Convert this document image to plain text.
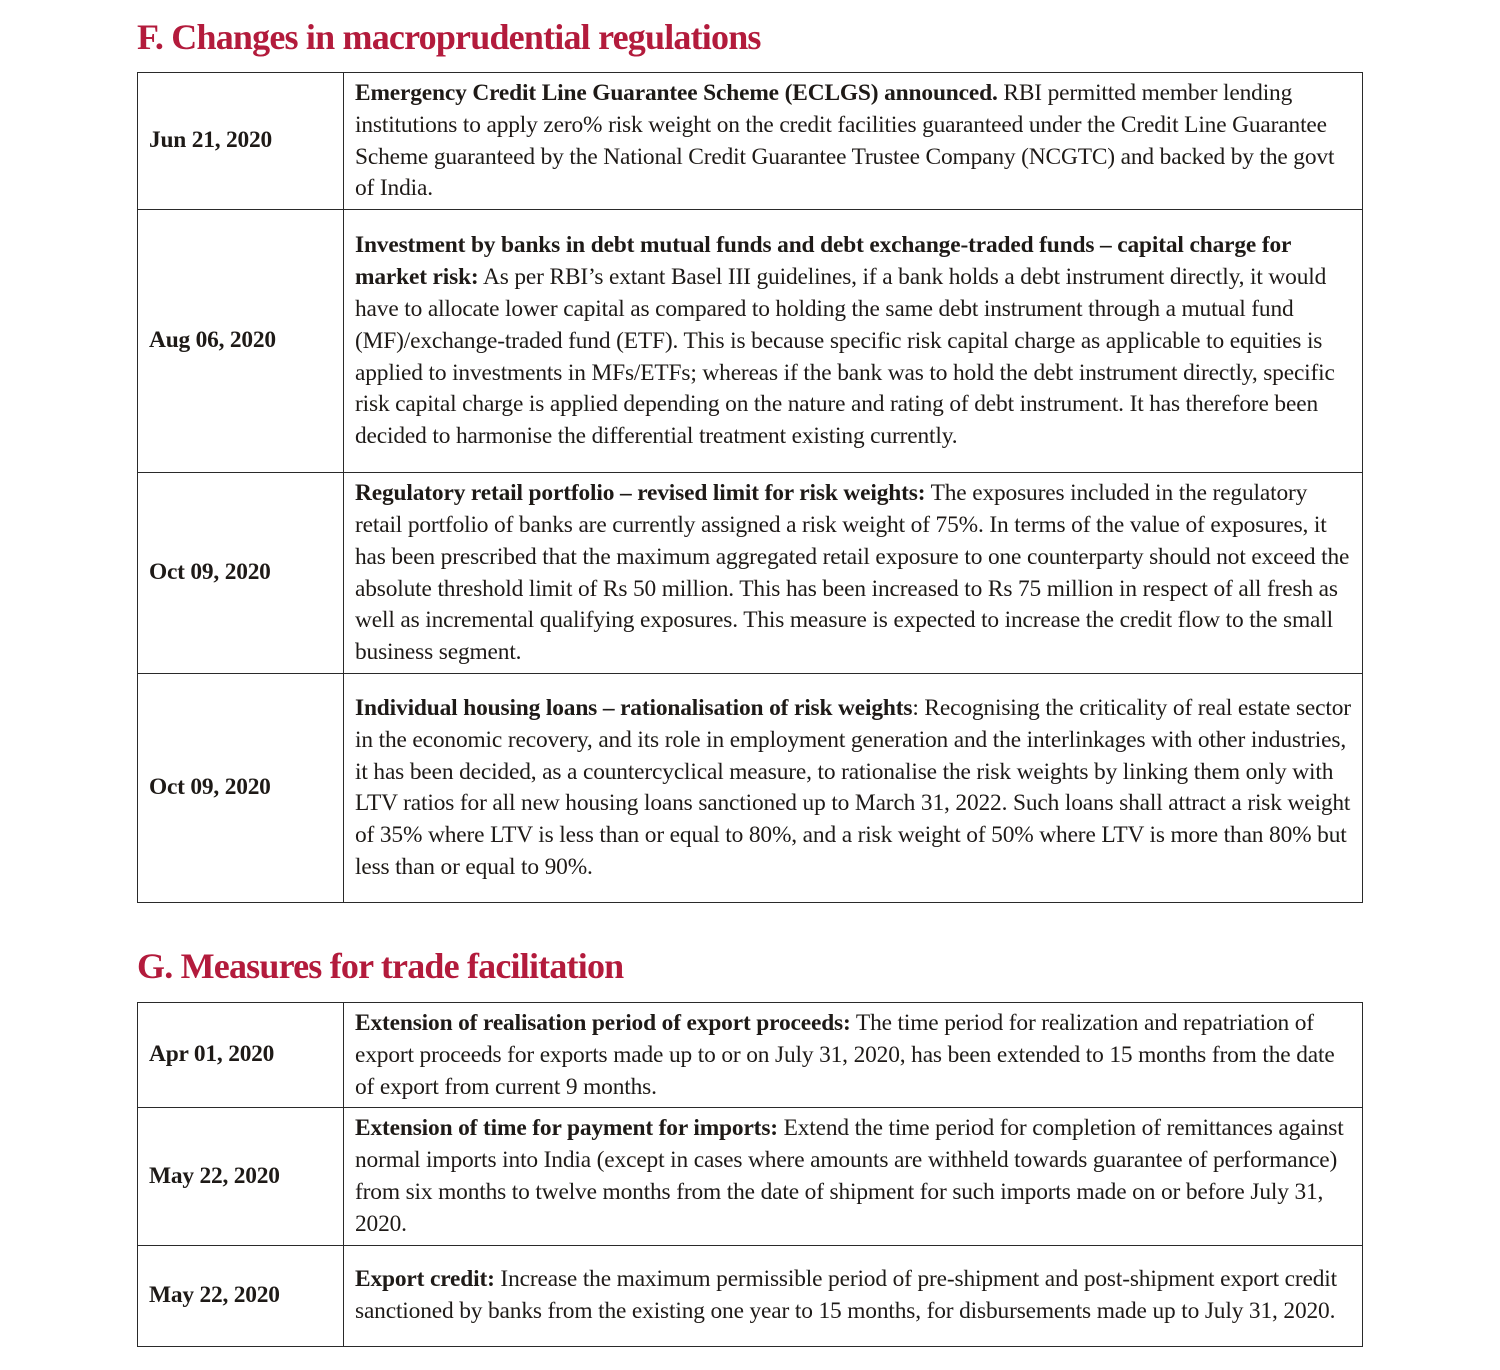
F. Changes in macroprudential regulations
Jun 21, 2020	Emergency Credit Line Guarantee Scheme (ECLGS) announced. RBI permitted member lending institutions to apply zero% risk weight on the credit facilities guaranteed under the Credit Line Guarantee Scheme guaranteed by the National Credit Guarantee Trustee Company (NCGTC) and backed by the govt of India.
Aug 06, 2020	Investment by banks in debt mutual funds and debt exchange-traded funds – capital charge for market risk: As per RBI’s extant Basel III guidelines, if a bank holds a debt instrument directly, it would have to allocate lower capital as compared to holding the same debt instrument through a mutual fund (MF)/exchange-traded fund (ETF). This is because specific risk capital charge as applicable to equities is applied to investments in MFs/ETFs; whereas if the bank was to hold the debt instrument directly, specific risk capital charge is applied depending on the nature and rating of debt instrument. It has therefore been decided to harmonise the differential treatment existing currently.
Oct 09, 2020	Regulatory retail portfolio – revised limit for risk weights: The exposures included in the regulatory retail portfolio of banks are currently assigned a risk weight of 75%. In terms of the value of exposures, it has been prescribed that the maximum aggregated retail exposure to one counterparty should not exceed the absolute threshold limit of Rs 50 million. This has been increased to Rs 75 million in respect of all fresh as well as incremental qualifying exposures. This measure is expected to increase the credit flow to the small business segment.
Oct 09, 2020	Individual housing loans – rationalisation of risk weights: Recognising the criticality of real estate sector in the economic recovery, and its role in employment generation and the interlinkages with other industries, it has been decided, as a countercyclical measure, to rationalise the risk weights by linking them only with LTV ratios for all new housing loans sanctioned up to March 31, 2022. Such loans shall attract a risk weight of 35% where LTV is less than or equal to 80%, and a risk weight of 50% where LTV is more than 80% but less than or equal to 90%.
G. Measures for trade facilitation
Apr 01, 2020	Extension of realisation period of export proceeds: The time period for realization and repatriation of export proceeds for exports made up to or on July 31, 2020, has been extended to 15 months from the date of export from current 9 months.
May 22, 2020	Extension of time for payment for imports: Extend the time period for completion of remittances against normal imports into India (except in cases where amounts are withheld towards guarantee of performance) from six months to twelve months from the date of shipment for such imports made on or before July 31, 2020.
May 22, 2020	Export credit: Increase the maximum permissible period of pre-shipment and post-shipment export credit sanctioned by banks from the existing one year to 15 months, for disbursements made up to July 31, 2020.
